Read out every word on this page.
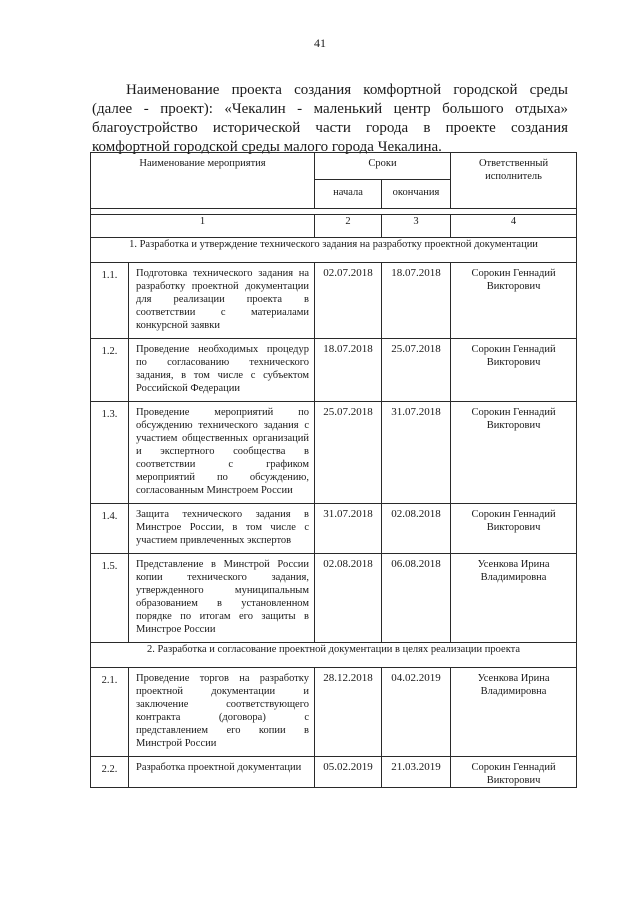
41

Наименование проекта создания комфортной городской среды (далее - проект): «Чекалин - маленький центр большого отдыха» благоустройство исторической части города в проекте создания комфортной городской среды малого города Чекалина.

Наименование мероприятия		Сроки		Ответственный исполнитель
		начала	окончания	

1		2	3	4
1. Разработка и утверждение технического задания на разработку проектной документации				
1.1.	Подготовка технического задания на разработку проектной документации для реализации проекта в соответствии с материалами конкурсной заявки	02.07.2018	18.07.2018	Сорокин Геннадий Викторович
1.2.	Проведение необходимых процедур по согласованию технического задания, в том числе с субъектом Российской Федерации	18.07.2018	25.07.2018	Сорокин Геннадий Викторович
1.3.	Проведение мероприятий по обсуждению технического задания с участием общественных организаций и экспертного сообщества в соответствии с графиком мероприятий по обсуждению, согласованным Минстроем России	25.07.2018	31.07.2018	Сорокин Геннадий Викторович
1.4.	Защита технического задания в Минстрое России, в том числе с участием привлеченных экспертов	31.07.2018	02.08.2018	Сорокин Геннадий Викторович
1.5.	Представление в Минстрой России копии технического задания, утвержденного муниципальным образованием в установленном порядке по итогам его защиты в Минстрое России	02.08.2018	06.08.2018	Усенкова Ирина Владимировна
2. Разработка и согласование проектной документации в целях реализации проекта				
2.1.	Проведение торгов на разработку проектной документации и заключение соответствующего контракта (договора) с представлением его копии в Минстрой России	28.12.2018	04.02.2019	Усенкова Ирина Владимировна
2.2.	Разработка проектной документации	05.02.2019	21.03.2019	Сорокин Геннадий Викторович
